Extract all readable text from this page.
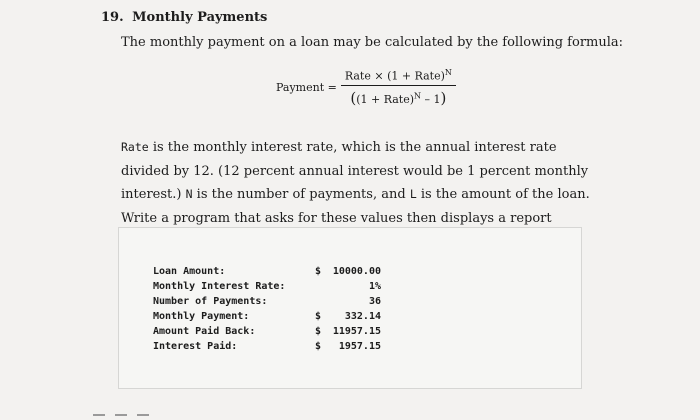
19. Monthly Payments
The monthly payment on a loan may be calculated by the following formula:
Payment = $\frac{Rate \times (1 + Rate)^N}{((1 + Rate)^N - 1)}$
Rate is the monthly interest rate, which is the annual interest rate divided by 12. (12 percent annual interest would be 1 percent monthly interest.) N is the number of payments, and L is the amount of the loan. Write a program that asks for these values then displays a report
Loan Amount:	$	10000.00
Monthly Interest Rate:	1%
Number of Payments:	36
Monthly Payment:	$	332.14
Amount Paid Back:	$	11957.15
Interest Paid:	$	1957.15
